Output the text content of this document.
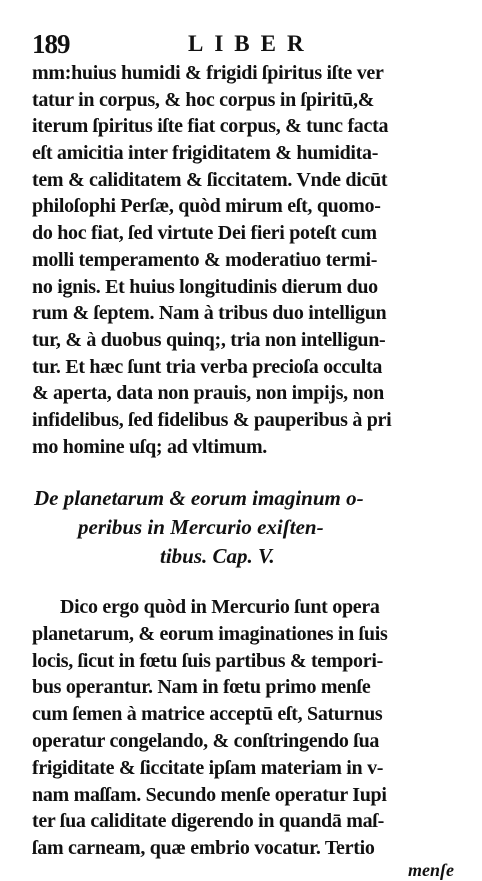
189	LIBER
mm:huius humidi & frigidi ſpiritus iſte ver
tatur in corpus, & hoc corpus in ſpiritū,&
iterum ſpiritus iſte fiat corpus, & tunc facta
eſt amicitia inter frigiditatem & humidita-
tem & caliditatem & ſiccitatem. Vnde dicūt
philoſophi Perſæ, quòd mirum eſt, quomo-
do hoc fiat, ſed virtute Dei fieri poteſt cum
molli temperamento & moderatiuo termi-
no ignis. Et huius longitudinis dierum duo
rum & ſeptem. Nam à tribus duo intelligun
tur, & à duobus quinq;, tria non intelligun-
tur. Et hæc ſunt tria verba precioſa occulta
& aperta, data non prauis, non impijs, non
infidelibus, ſed fidelibus & pauperibus à pri
mo homine uſq; ad vltimum.
De planetarum & eorum imaginum o-
peribus in Mercurio exiſten-
tibus. Cap. V.
Dico ergo quòd in Mercurio ſunt opera
planetarum, & eorum imaginationes in ſuis
locis, ſicut in fœtu ſuis partibus & tempori-
bus operantur. Nam in fœtu primo menſe
cum ſemen à matrice acceptū eſt, Saturnus
operatur congelando, & conſtringendo ſua
frigiditate & ſiccitate ipſam materiam in v-
nam maſſam. Secundo menſe operatur Iupi
ter ſua caliditate digerendo in quandā maſ-
ſam carneam, quæ embrio vocatur. Tertio
menſe
